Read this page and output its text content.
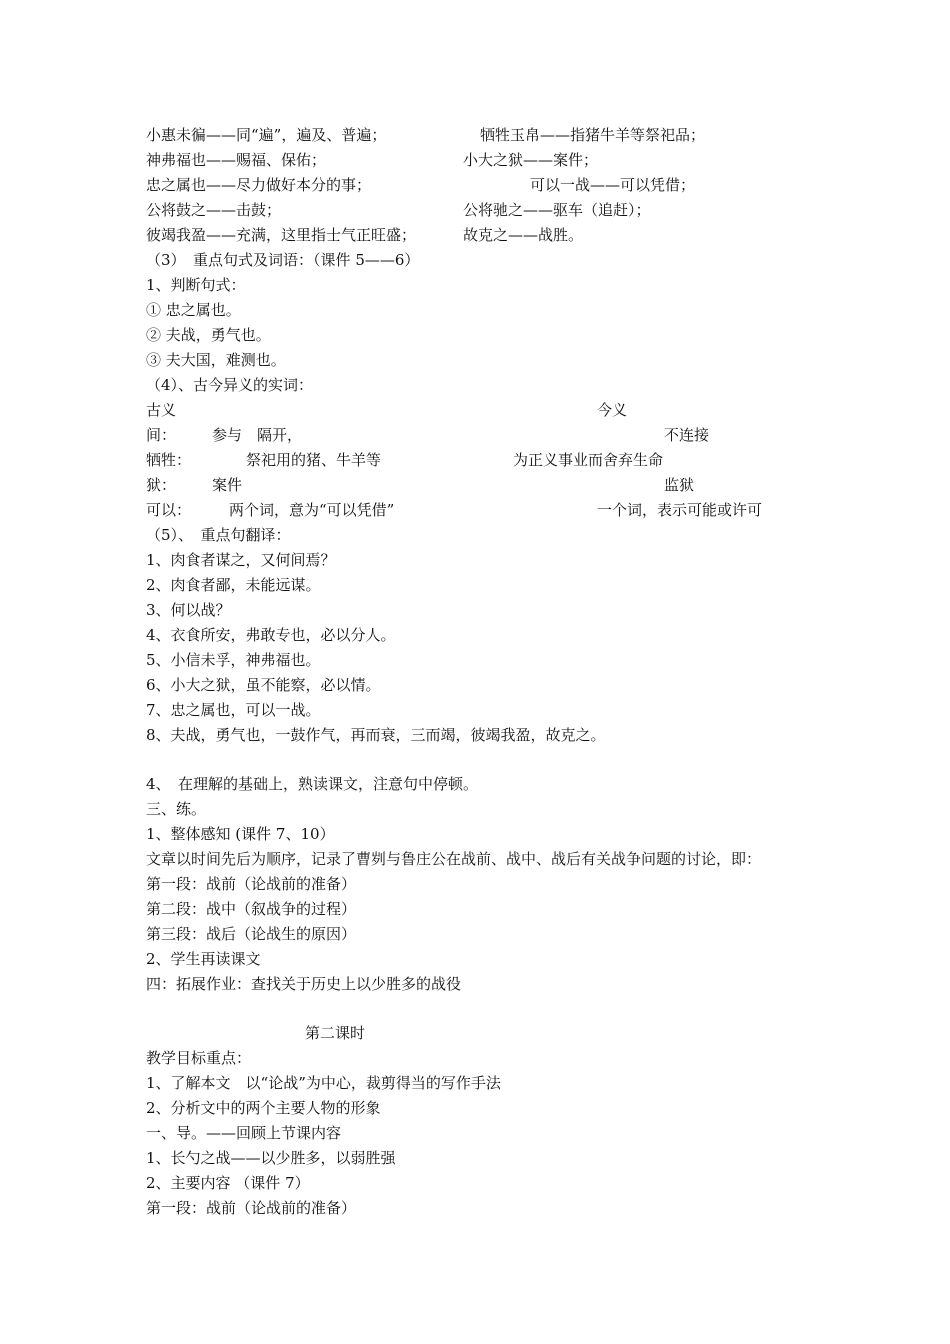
小惠未徧——同“遍”，遍及、普遍；	牺牲玉帛——指猪牛羊等祭祀品；
神弗福也——赐福、保佑；	小大之狱——案件；
忠之属也——尽力做好本分的事；	可以一战——可以凭借；
公将鼓之——击鼓；	公将驰之——驱车（追赶）；
彼竭我盈——充满，这里指士气正旺盛；	故克之——战胜。
（3）　重点句式及词语：（课件 5——6）
1、判断句式：
① 忠之属也。
② 夫战，勇气也。
③ 夫大国，难测也。
（4）、古今异义的实词：
古义	今义
间： 参与　隔开，	不连接
牺牲：	祭祀用的猪、牛羊等	为正义事业而舍弃生命
狱： 案件	监狱
可以：	两个词，意为“可以凭借”	一个词，表示可能或许可
（5）、　重点句翻译：
1、肉食者谋之，又何间焉？
2、肉食者鄙，未能远谋。
3、何以战？
4、衣食所安，弗敢专也，必以分人。
5、小信未孚，神弗福也。
6、小大之狱，虽不能察，必以情。
7、忠之属也，可以一战。
8、夫战，勇气也，一鼓作气，再而衰，三而竭，彼竭我盈，故克之。
4、　在理解的基础上，熟读课文，注意句中停顿。
三、练。
1、整体感知 (课件 7、10）
文章以时间先后为顺序，记录了曹刿与鲁庄公在战前、战中、战后有关战争问题的讨论，即：
第一段：战前（论战前的准备）
第二段：战中（叙战争的过程）
第三段：战后（论战生的原因）
2、学生再读课文
四：拓展作业：查找关于历史上以少胜多的战役
第二课时
教学目标重点：
1、了解本文　以“论战”为中心，裁剪得当的写作手法
2、分析文中的两个主要人物的形象
一、导。——回顾上节课内容
1、长勺之战——以少胜多，以弱胜强
2、主要内容 （课件 7）
第一段：战前（论战前的准备）
